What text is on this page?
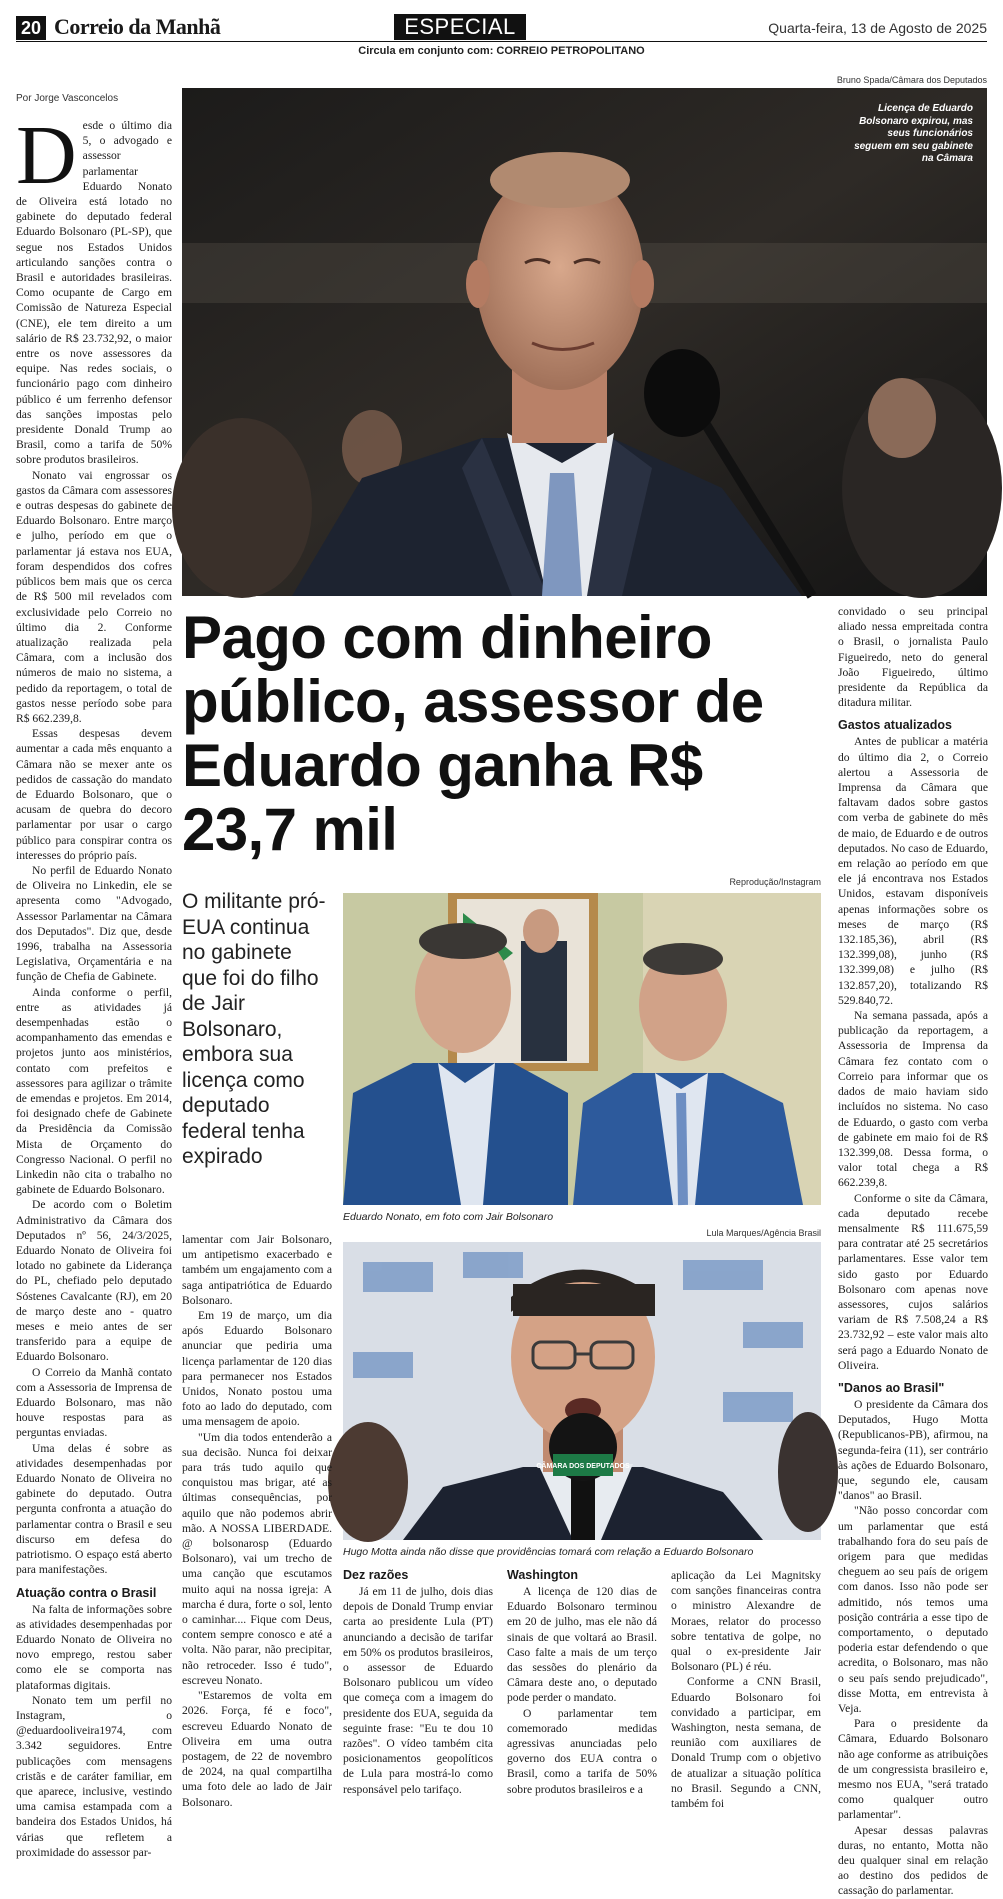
20 Correio da Manhã	ESPECIAL	Quarta-feira, 13 de Agosto de 2025
Circula em conjunto com: CORREIO PETROPOLITANO
Por Jorge Vasconcelos
Bruno Spada/Câmara dos Deputados
Licença de Eduardo Bolsonaro expirou, mas seus funcionários seguem em seu gabinete na Câmara
Pago com dinheiro público, assessor de Eduardo ganha R$ 23,7 mil
O militante pró-EUA continua no gabinete que foi do filho de Jair Bolsonaro, embora sua licença como deputado federal tenha expirado
Reprodução/Instagram
Eduardo Nonato, em foto com Jair Bolsonaro
Lula Marques/Agência Brasil
CÂMARA DOS DEPUTADOS
Hugo Motta ainda não disse que providências tomará com relação a Eduardo Bolsonaro

Desde o último dia 5, o advogado e assessor parlamentar Eduardo Nonato de Oliveira está lotado no gabinete do deputado federal Eduardo Bolsonaro (PL-SP), que segue nos Estados Unidos articulando sanções contra o Brasil e autoridades brasileiras. Como ocupante de Cargo em Comissão de Natureza Especial (CNE), ele tem direito a um salário de R$ 23.732,92, o maior entre os nove assessores da equipe. Nas redes sociais, o funcionário pago com dinheiro público é um ferrenho defensor das sanções impostas pelo presidente Donald Trump ao Brasil, como a tarifa de 50% sobre produtos brasileiros.

Nonato vai engrossar os gastos da Câmara com assessores e outras despesas do gabinete de Eduardo Bolsonaro. Entre março e julho, período em que o parlamentar já estava nos EUA, foram despendidos dos cofres públicos bem mais que os cerca de R$ 500 mil revelados com exclusividade pelo Correio no último dia 2. Conforme atualização realizada pela Câmara, com a inclusão dos números de maio no sistema, a pedido da reportagem, o total de gastos nesse período sobe para R$ 662.239,8.

Essas despesas devem aumentar a cada mês enquanto a Câmara não se mexer ante os pedidos de cassação do mandato de Eduardo Bolsonaro, que o acusam de quebra do decoro parlamentar por usar o cargo público para conspirar contra os interesses do próprio país.

No perfil de Eduardo Nonato de Oliveira no Linkedin, ele se apresenta como "Advogado, Assessor Parlamentar na Câmara dos Deputados". Diz que, desde 1996, trabalha na Assessoria Legislativa, Orçamentária e na função de Chefia de Gabinete.

Ainda conforme o perfil, entre as atividades já desempenhadas estão o acompanhamento das emendas e projetos junto aos ministérios, contato com prefeitos e assessores para agilizar o trâmite de emendas e projetos. Em 2014, foi designado chefe de Gabinete da Presidência da Comissão Mista de Orçamento do Congresso Nacional. O perfil no Linkedin não cita o trabalho no gabinete de Eduardo Bolsonaro.

De acordo com o Boletim Administrativo da Câmara dos Deputados nº 56, 24/3/2025, Eduardo Nonato de Oliveira foi lotado no gabinete da Liderança do PL, chefiado pelo deputado Sóstenes Cavalcante (RJ), em 20 de março deste ano - quatro meses e meio antes de ser transferido para a equipe de Eduardo Bolsonaro.

O Correio da Manhã contato com a Assessoria de Imprensa de Eduardo Bolsonaro, mas não houve respostas para as perguntas enviadas.

Uma delas é sobre as atividades desempenhadas por Eduardo Nonato de Oliveira no gabinete do deputado. Outra pergunta confronta a atuação do parlamentar contra o Brasil e seu discurso em defesa do patriotismo. O espaço está aberto para manifestações.

Atuação contra o Brasil

Na falta de informações sobre as atividades desempenhadas por Eduardo Nonato de Oliveira no novo emprego, restou saber como ele se comporta nas plataformas digitais.

Nonato tem um perfil no Instagram, o @eduardooliveira1974, com 3.342 seguidores. Entre publicações com mensagens cristãs e de caráter familiar, em que aparece, inclusive, vestindo uma camisa estampada com a bandeira dos Estados Unidos, há várias que refletem a proximidade do assessor par-

lamentar com Jair Bolsonaro, um antipetismo exacerbado e também um engajamento com a saga antipatriótica de Eduardo Bolsonaro.

Em 19 de março, um dia após Eduardo Bolsonaro anunciar que pediria uma licença parlamentar de 120 dias para permanecer nos Estados Unidos, Nonato postou uma foto ao lado do deputado, com uma mensagem de apoio.

"Um dia todos entenderão a sua decisão. Nunca foi deixar para trás tudo aquilo que conquistou mas brigar, até as últimas consequências, por aquilo que não podemos abrir mão. A NOSSA LIBERDADE. @ bolsonarosp (Eduardo Bolsonaro), vai um trecho de uma canção que escutamos muito aqui na nossa igreja: A marcha é dura, forte o sol, lento o caminhar.... Fique com Deus, contem sempre conosco e até a volta. Não parar, não precipitar, não retroceder. Isso é tudo", escreveu Nonato.

"Estaremos de volta em 2026. Força, fé e foco", escreveu Eduardo Nonato de Oliveira em uma outra postagem, de 22 de novembro de 2024, na qual compartilha uma foto dele ao lado de Jair Bolsonaro.

Dez razões

Já em 11 de julho, dois dias depois de Donald Trump enviar carta ao presidente Lula (PT) anunciando a decisão de tarifar em 50% os produtos brasileiros, o assessor de Eduardo Bolsonaro publicou um vídeo que começa com a imagem do presidente dos EUA, seguida da seguinte frase: "Eu te dou 10 razões". O vídeo também cita posicionamentos geopolíticos de Lula para mostrá-lo como responsável pelo tarifaço.

Washington

A licença de 120 dias de Eduardo Bolsonaro terminou em 20 de julho, mas ele não dá sinais de que voltará ao Brasil. Caso falte a mais de um terço das sessões do plenário da Câmara deste ano, o deputado pode perder o mandato.

O parlamentar tem comemorado medidas agressivas anunciadas pelo governo dos EUA contra o Brasil, como a tarifa de 50% sobre produtos brasileiros e a

aplicação da Lei Magnitsky com sanções financeiras contra o ministro Alexandre de Moraes, relator do processo sobre tentativa de golpe, no qual o ex-presidente Jair Bolsonaro (PL) é réu.

Conforme a CNN Brasil, Eduardo Bolsonaro foi convidado a participar, em Washington, nesta semana, de reunião com auxiliares de Donald Trump com o objetivo de atualizar a situação política no Brasil. Segundo a CNN, também foi

convidado o seu principal aliado nessa empreitada contra o Brasil, o jornalista Paulo Figueiredo, neto do general João Figueiredo, último presidente da República da ditadura militar.

Gastos atualizados

Antes de publicar a matéria do último dia 2, o Correio alertou a Assessoria de Imprensa da Câmara que faltavam dados sobre gastos com verba de gabinete do mês de maio, de Eduardo e de outros deputados. No caso de Eduardo, em relação ao período em que ele já encontrava nos Estados Unidos, estavam disponíveis apenas informações sobre os meses de março (R$ 132.185,36), abril (R$ 132.399,08), junho (R$ 132.399,08) e julho (R$ 132.857,20), totalizando R$ 529.840,72.

Na semana passada, após a publicação da reportagem, a Assessoria de Imprensa da Câmara fez contato com o Correio para informar que os dados de maio haviam sido incluídos no sistema. No caso de Eduardo, o gasto com verba de gabinete em maio foi de R$ 132.399,08. Dessa forma, o valor total chega a R$ 662.239,8.

Conforme o site da Câmara, cada deputado recebe mensalmente R$ 111.675,59 para contratar até 25 secretários parlamentares. Esse valor tem sido gasto por Eduardo Bolsonaro com apenas nove assessores, cujos salários variam de R$ 7.508,24 a R$ 23.732,92 – este valor mais alto será pago a Eduardo Nonato de Oliveira.

"Danos ao Brasil"

O presidente da Câmara dos Deputados, Hugo Motta (Republicanos-PB), afirmou, na segunda-feira (11), ser contrário às ações de Eduardo Bolsonaro, que, segundo ele, causam "danos" ao Brasil.

"Não posso concordar com um parlamentar que está trabalhando fora do seu país de origem para que medidas cheguem ao seu país de origem com danos. Isso não pode ser admitido, nós temos uma posição contrária a esse tipo de comportamento, o deputado poderia estar defendendo o que acredita, o Bolsonaro, mas não o seu país sendo prejudicado", disse Motta, em entrevista à Veja.

Para o presidente da Câmara, Eduardo Bolsonaro não age conforme as atribuições de um congressista brasileiro e, mesmo nos EUA, "será tratado como qualquer outro parlamentar".

Apesar dessas palavras duras, no entanto, Motta não deu qualquer sinal em relação ao destino dos pedidos de cassação do parlamentar.
